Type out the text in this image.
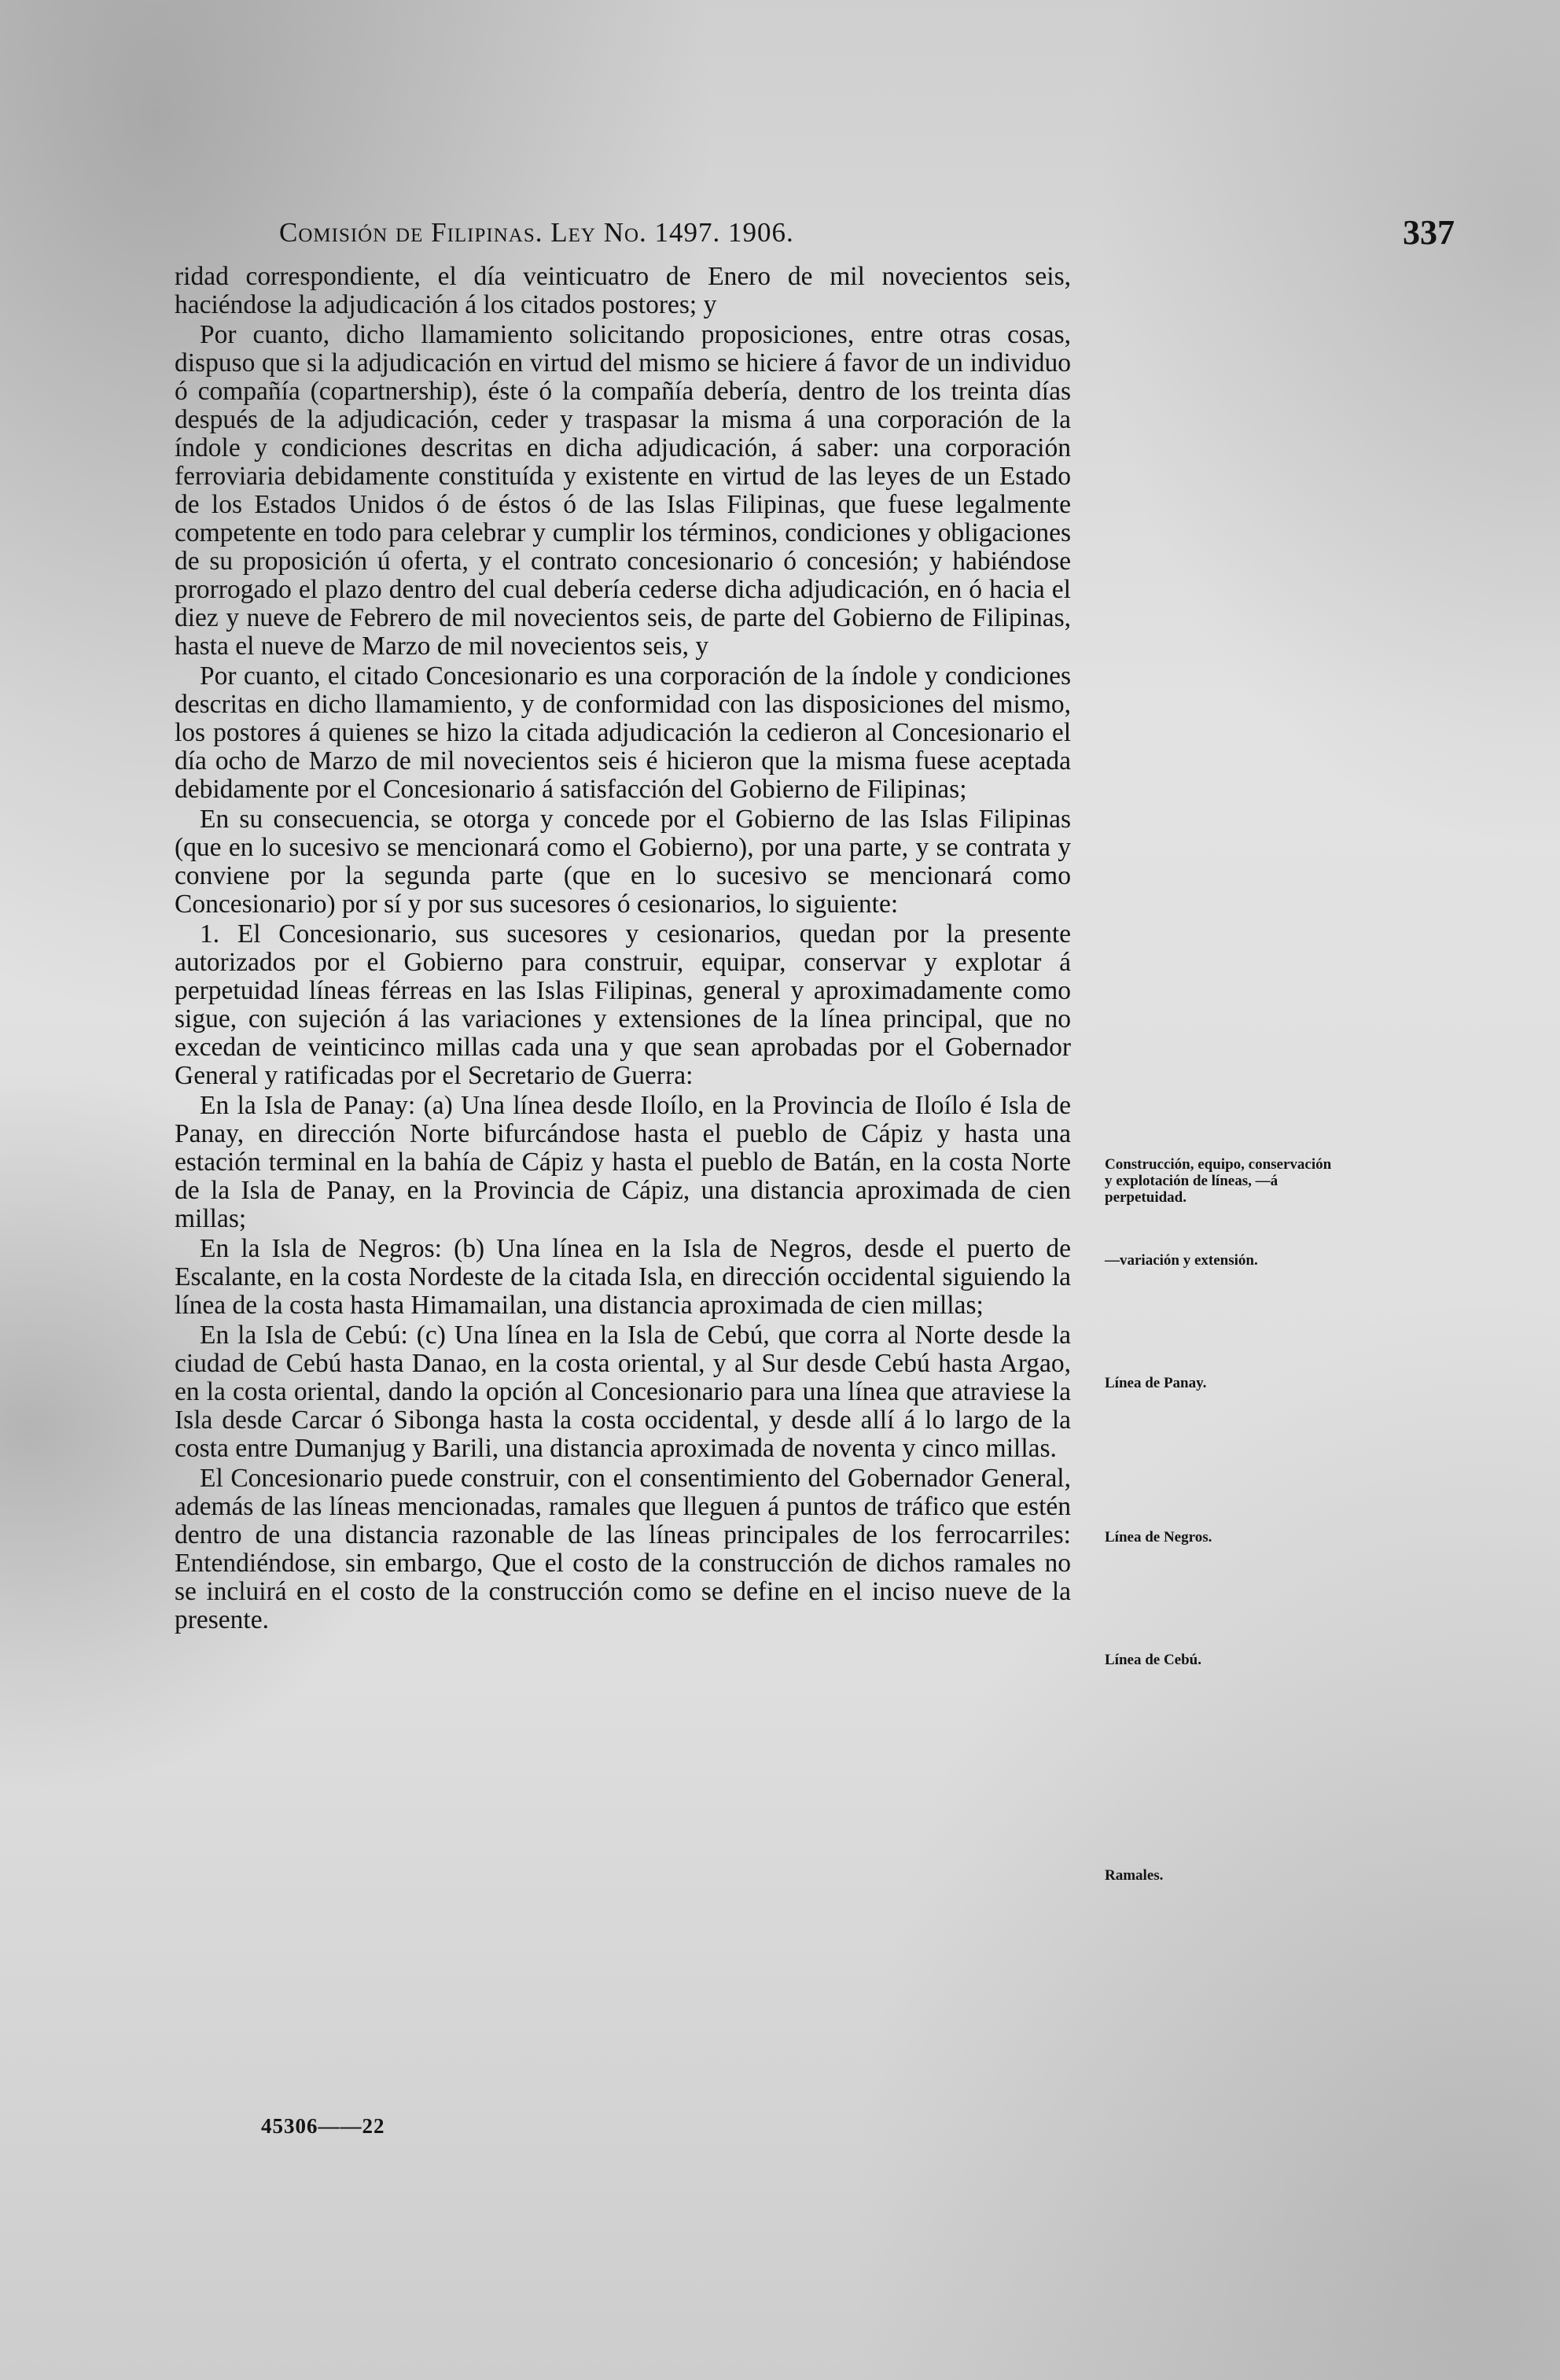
Comisión de Filipinas. Ley No. 1497. 1906.	337

ridad correspondiente, el día veinticuatro de Enero de mil novecientos seis, haciéndose la adjudicación á los citados postores; y

Por cuanto, dicho llamamiento solicitando proposiciones, entre otras cosas, dispuso que si la adjudicación en virtud del mismo se hiciere á favor de un individuo ó compañía (copartnership), éste ó la compañía debería, dentro de los treinta días después de la adjudicación, ceder y traspasar la misma á una corporación de la índole y condiciones descritas en dicha adjudicación, á saber: una corporación ferroviaria debidamente constituída y existente en virtud de las leyes de un Estado de los Estados Unidos ó de éstos ó de las Islas Filipinas, que fuese legalmente competente en todo para celebrar y cumplir los términos, condiciones y obligaciones de su proposición ú oferta, y el contrato concesionario ó concesión; y habiéndose prorrogado el plazo dentro del cual debería cederse dicha adjudicación, en ó hacia el diez y nueve de Febrero de mil novecientos seis, de parte del Gobierno de Filipinas, hasta el nueve de Marzo de mil novecientos seis, y

Por cuanto, el citado Concesionario es una corporación de la índole y condiciones descritas en dicho llamamiento, y de conformidad con las disposiciones del mismo, los postores á quienes se hizo la citada adjudicación la cedieron al Concesionario el día ocho de Marzo de mil novecientos seis é hicieron que la misma fuese aceptada debidamente por el Concesionario á satisfacción del Gobierno de Filipinas;

En su consecuencia, se otorga y concede por el Gobierno de las Islas Filipinas (que en lo sucesivo se mencionará como el Gobierno), por una parte, y se contrata y conviene por la segunda parte (que en lo sucesivo se mencionará como Concesionario) por sí y por sus sucesores ó cesionarios, lo siguiente:

1. El Concesionario, sus sucesores y cesionarios, quedan por la presente autorizados por el Gobierno para construir, equipar, conservar y explotar á perpetuidad líneas férreas en las Islas Filipinas, general y aproximadamente como sigue, con sujeción á las variaciones y extensiones de la línea principal, que no excedan de veinticinco millas cada una y que sean aprobadas por el Gobernador General y ratificadas por el Secretario de Guerra:

En la Isla de Panay: (a) Una línea desde Iloílo, en la Provincia de Iloílo é Isla de Panay, en dirección Norte bifurcándose hasta el pueblo de Cápiz y hasta una estación terminal en la bahía de Cápiz y hasta el pueblo de Batán, en la costa Norte de la Isla de Panay, en la Provincia de Cápiz, una distancia aproximada de cien millas;

En la Isla de Negros: (b) Una línea en la Isla de Negros, desde el puerto de Escalante, en la costa Nordeste de la citada Isla, en dirección occidental siguiendo la línea de la costa hasta Himamailan, una distancia aproximada de cien millas;

En la Isla de Cebú: (c) Una línea en la Isla de Cebú, que corra al Norte desde la ciudad de Cebú hasta Danao, en la costa oriental, y al Sur desde Cebú hasta Argao, en la costa oriental, dando la opción al Concesionario para una línea que atraviese la Isla desde Carcar ó Sibonga hasta la costa occidental, y desde allí á lo largo de la costa entre Dumanjug y Barili, una distancia aproximada de noventa y cinco millas.

El Concesionario puede construir, con el consentimiento del Gobernador General, además de las líneas mencionadas, ramales que lleguen á puntos de tráfico que estén dentro de una distancia razonable de las líneas principales de los ferrocarriles: Entendiéndose, sin embargo, Que el costo de la construcción de dichos ramales no se incluirá en el costo de la construcción como se define en el inciso nueve de la presente.

Construcción, equipo, conservación y explotación de líneas, —á perpetuidad.
—variación y extensión.
Línea de Panay.
Línea de Negros.
Línea de Cebú.
Ramales.
45306——22
